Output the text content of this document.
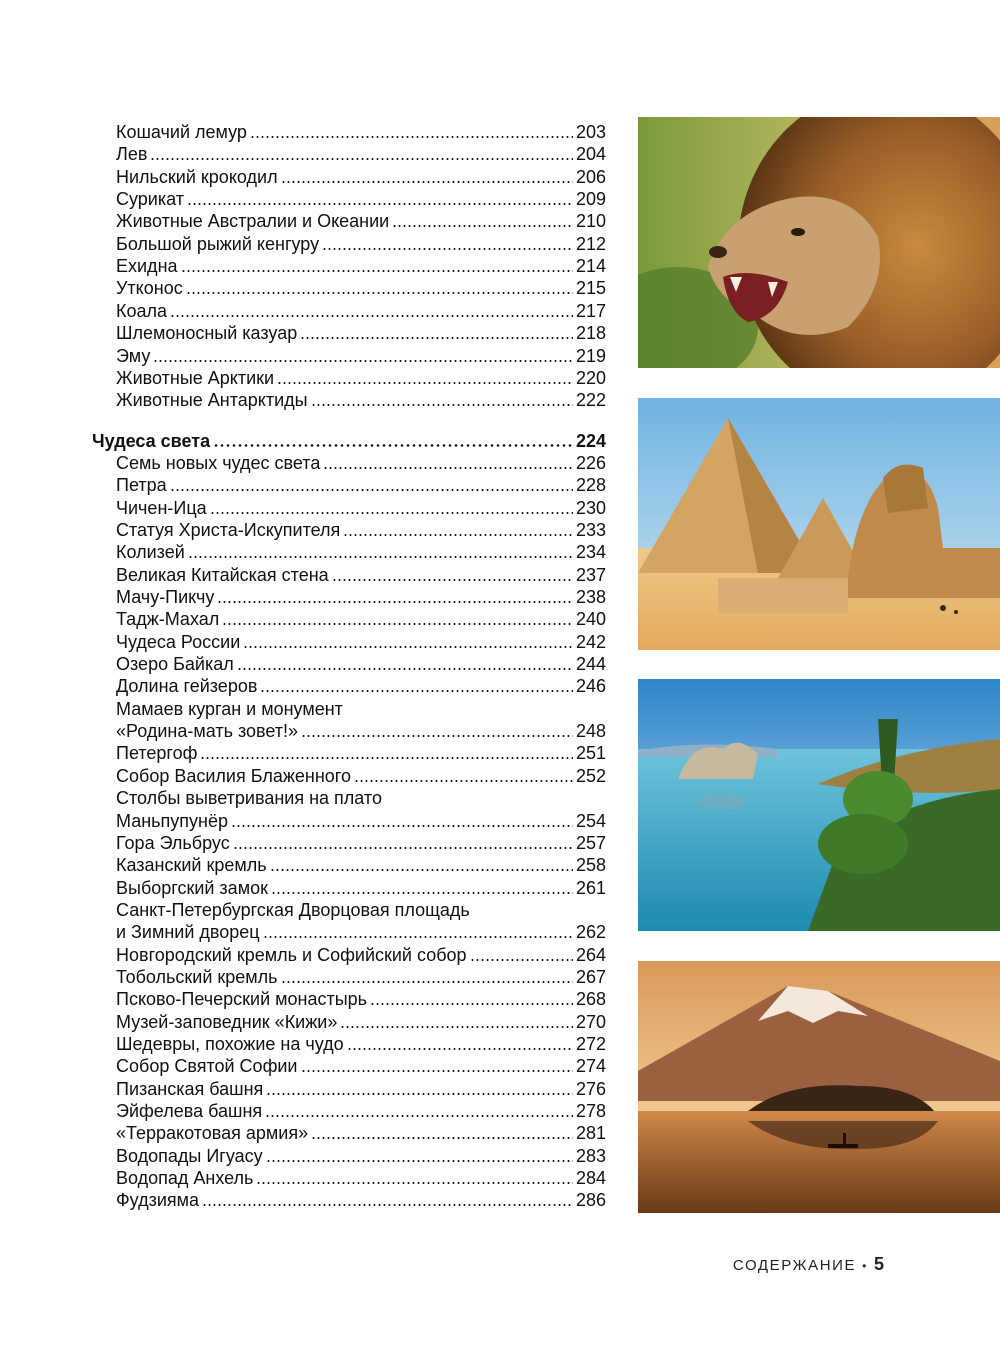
Кошачий лемур	203
Лев	204
Нильский крокодил	206
Сурикат	209
Животные Австралии и Океании	210
Большой рыжий кенгуру	212
Ехидна	214
Утконос	215
Коала	217
Шлемоносный казуар	218
Эму	219
Животные Арктики	220
Животные Антарктиды	222
Чудеса света	224
Семь новых чудес света	226
Петра	228
Чичен-Ица	230
Статуя Христа-Искупителя	233
Колизей	234
Великая Китайская стена	237
Мачу-Пикчу	238
Тадж-Махал	240
Чудеса России	242
Озеро Байкал	244
Долина гейзеров	246
Мамаев курган и монумент
«Родина-мать зовет!»	248
Петергоф	251
Собор Василия Блаженного	252
Столбы выветривания на плато
Маньпупунёр	254
Гора Эльбрус	257
Казанский кремль	258
Выборгский замок	261
Санкт-Петербургская Дворцовая площадь
и Зимний дворец	262
Новгородский кремль и Софийский собор	264
Тобольский кремль	267
Псково-Печерский монастырь	268
Музей-заповедник «Кижи»	270
Шедевры, похожие на чудо	272
Собор Святой Софии	274
Пизанская башня	276
Эйфелева башня	278
«Терракотовая армия»	281
Водопады Игуасу	283
Водопад Анхель	284
Фудзияма	286
СОДЕРЖАНИЕ • 5
